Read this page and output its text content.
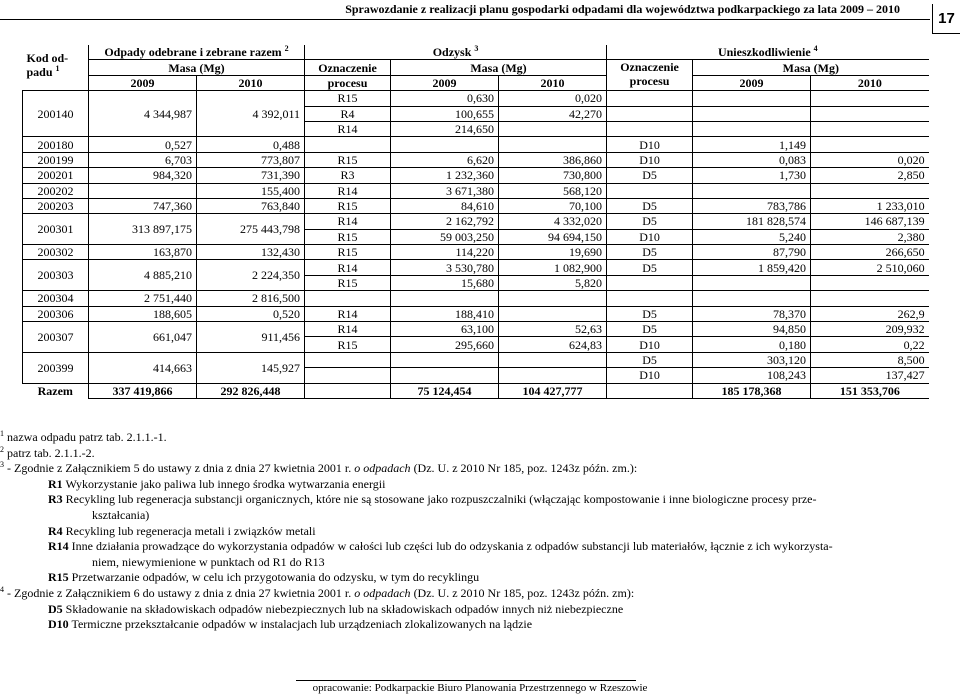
Sprawozdanie z realizacji planu gospodarki odpadami dla województwa podkarpackiego za lata 2009 – 2010
17
Kod od-
padu $^1$	Odpady odebrane i zebrane razem $^2$		Odzysk $^3$			Unieszkodliwienie $^4$
	Masa (Mg)		Oznaczenie	Masa (Mg)		Oznaczenie
procesu	Masa (Mg)	
	2009	2010	procesu	2009	2010		2009	2010
200140	4 344,987	4 392,011	R15	0,630	0,020			
			R4	100,655	42,270			
			R14	214,650				
200180	0,527	0,488				D10	1,149	
200199	6,703	773,807	R15	6,620	386,860	D10	0,083	0,020
200201	984,320	731,390	R3	1 232,360	730,800	D5	1,730	2,850
200202		155,400	R14	3 671,380	568,120			
200203	747,360	763,840	R15	84,610	70,100	D5	783,786	1 233,010
200301	313 897,175	275 443,798	R14	2 162,792	4 332,020	D5	181 828,574	146 687,139
			R15	59 003,250	94 694,150	D10	5,240	2,380
200302	163,870	132,430	R15	114,220	19,690	D5	87,790	266,650
200303	4 885,210	2 224,350	R14	3 530,780	1 082,900	D5	1 859,420	2 510,060
			R15	15,680	5,820			
200304	2 751,440	2 816,500						
200306	188,605	0,520	R14	188,410		D5	78,370	262,9
200307	661,047	911,456	R14	63,100	52,63	D5	94,850	209,932
			R15	295,660	624,83	D10	0,180	0,22
200399	414,663	145,927				D5	303,120	8,500
						D10	108,243	137,427
Razem	337 419,866	292 826,448		75 124,454	104 427,777		185 178,368	151 353,706
$^1$ nazwa odpadu patrz tab. 2.1.1.-1.
$^2$ patrz tab. 2.1.1.-2.
$^3$ - Zgodnie z Załącznikiem 5 do ustawy z dnia z dnia 27 kwietnia 2001 r. o odpadach (Dz. U. z 2010 Nr 185, poz. 1243z późn. zm.):
R1 Wykorzystanie jako paliwa lub innego środka wytwarzania energii
R3 Recykling lub regeneracja substancji organicznych, które nie są stosowane jako rozpuszczalniki (włączając kompostowanie i inne biologiczne procesy prze-
kształcania)
R4 Recykling lub regeneracja metali i związków metali
R14 Inne działania prowadzące do wykorzystania odpadów w całości lub części lub do odzyskania z odpadów substancji lub materiałów, łącznie z ich wykorzysta-
niem, niewymienione w punktach od R1 do R13
R15 Przetwarzanie odpadów, w celu ich przygotowania do odzysku, w tym do recyklingu
$^4$ - Zgodnie z Załącznikiem 6 do ustawy z dnia z dnia 27 kwietnia 2001 r. o odpadach (Dz. U. z 2010 Nr 185, poz. 1243z późn. zm):
D5 Składowanie na składowiskach odpadów niebezpiecznych lub na składowiskach odpadów innych niż niebezpieczne
D10 Termiczne przekształcanie odpadów w instalacjach lub urządzeniach zlokalizowanych na lądzie
opracowanie: Podkarpackie Biuro Planowania Przestrzennego w Rzeszowie
